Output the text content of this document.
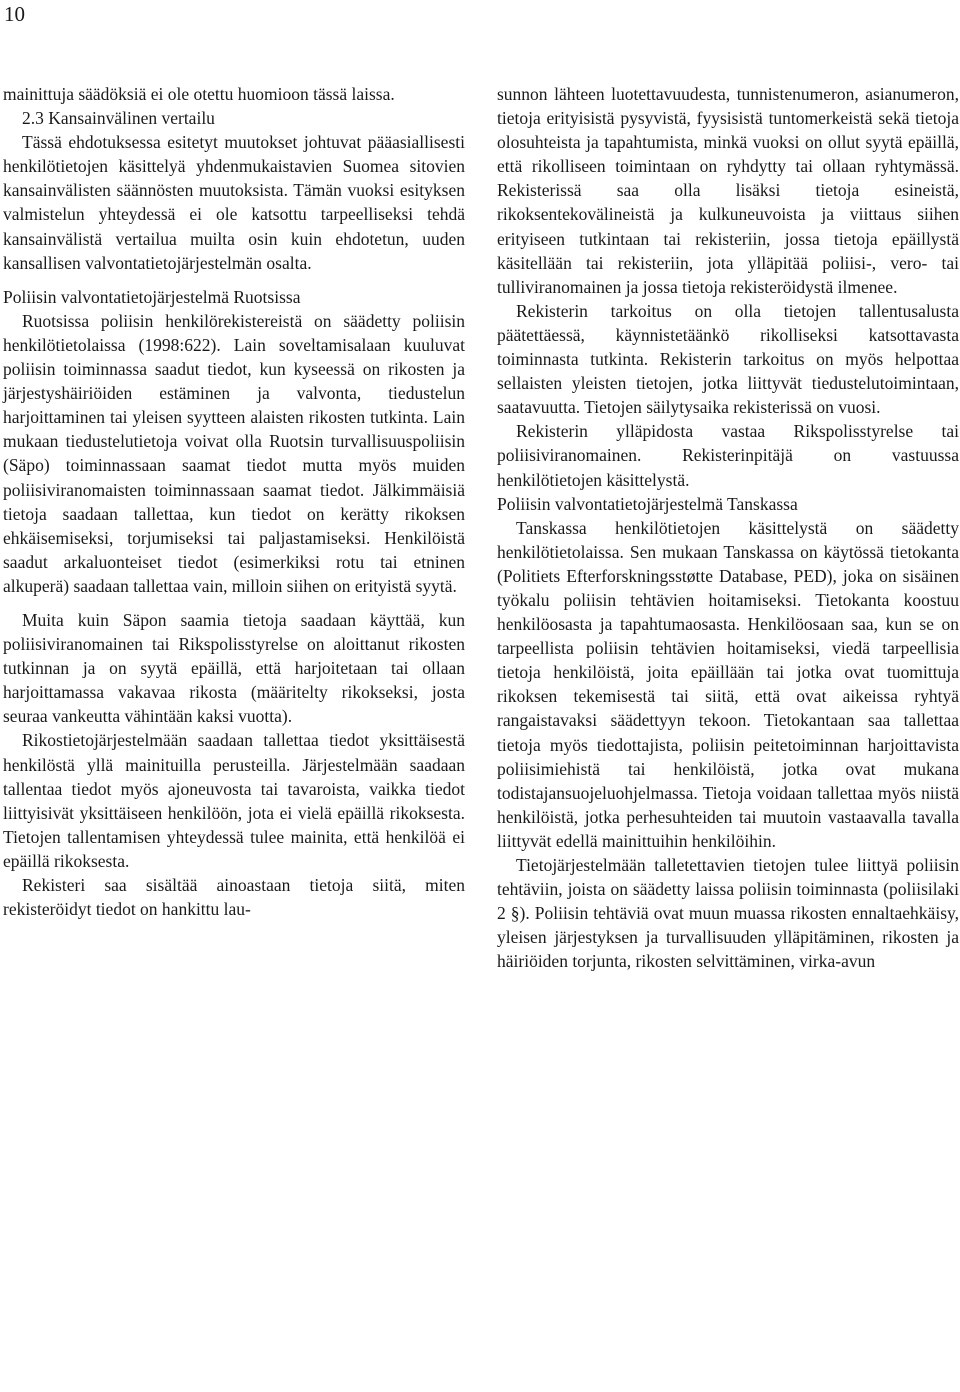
10

mainittuja säädöksiä ei ole otettu huomioon tässä laissa.

2.3 Kansainvälinen vertailu

Tässä ehdotuksessa esitetyt muutokset johtuvat pääasiallisesti henkilötietojen käsittelyä yhdenmukaistavien Suomea sitovien kansainvälisten säännösten muutoksista. Tämän vuoksi esityksen valmistelun yhteydessä ei ole katsottu tarpeelliseksi tehdä kansainvälistä vertailua muilta osin kuin ehdotetun, uuden kansallisen valvontatietojärjestelmän osalta.

Poliisin valvontatietojärjestelmä Ruotsissa

Ruotsissa poliisin henkilörekistereistä on säädetty poliisin henkilötietolaissa (1998:622). Lain soveltamisalaan kuuluvat poliisin toiminnassa saadut tiedot, kun kyseessä on rikosten ja järjestyshäiriöiden estäminen ja valvonta, tiedustelun harjoittaminen tai yleisen syytteen alaisten rikosten tutkinta. Lain mukaan tiedustelutietoja voivat olla Ruotsin turvallisuuspoliisin (Säpo) toiminnassaan saamat tiedot mutta myös muiden poliisiviranomaisten toiminnassaan saamat tiedot. Jälkimmäisiä tietoja saadaan tallettaa, kun tiedot on kerätty rikoksen ehkäisemiseksi, torjumiseksi tai paljastamiseksi. Henkilöistä saadut arkaluonteiset tiedot (esimerkiksi rotu tai etninen alkuperä) saadaan tallettaa vain, milloin siihen on erityistä syytä.

Muita kuin Säpon saamia tietoja saadaan käyttää, kun poliisiviranomainen tai Rikspolisstyrelse on aloittanut rikosten tutkinnan ja on syytä epäillä, että harjoitetaan tai ollaan harjoittamassa vakavaa rikosta (määritelty rikokseksi, josta seuraa vankeutta vähintään kaksi vuotta).

Rikostietojärjestelmään saadaan tallettaa tiedot yksittäisestä henkilöstä yllä mainituilla perusteilla. Järjestelmään saadaan tallentaa tiedot myös ajoneuvosta tai tavaroista, vaikka tiedot liittyisivät yksittäiseen henkilöön, jota ei vielä epäillä rikoksesta. Tietojen tallentamisen yhteydessä tulee mainita, että henkilöä ei epäillä rikoksesta.

Rekisteri saa sisältää ainoastaan tietoja siitä, miten rekisteröidyt tiedot on hankittu lau-

sunnon lähteen luotettavuudesta, tunnistenumeron, asianumeron, tietoja erityisistä pysyvistä, fyysisistä tuntomerkeistä sekä tietoja olosuhteista ja tapahtumista, minkä vuoksi on ollut syytä epäillä, että rikolliseen toimintaan on ryhdytty tai ollaan ryhtymässä. Rekisterissä saa olla lisäksi tietoja esineistä, rikoksentekovälineistä ja kulkuneuvoista ja viittaus siihen erityiseen tutkintaan tai rekisteriin, jossa tietoja epäillystä käsitellään tai rekisteriin, jota ylläpitää poliisi-, vero- tai tulliviranomainen ja jossa tietoja rekisteröidystä ilmenee.

Rekisterin tarkoitus on olla tietojen tallentusalusta päätettäessä, käynnistetäänkö rikolliseksi katsottavasta toiminnasta tutkinta. Rekisterin tarkoitus on myös helpottaa sellaisten yleisten tietojen, jotka liittyvät tiedustelutoimintaan, saatavuutta. Tietojen säilytysaika rekisterissä on vuosi.

Rekisterin ylläpidosta vastaa Rikspolisstyrelse tai poliisiviranomainen. Rekisterinpitäjä on vastuussa henkilötietojen käsittelystä.

Poliisin valvontatietojärjestelmä Tanskassa

Tanskassa henkilötietojen käsittelystä on säädetty henkilötietolaissa. Sen mukaan Tanskassa on käytössä tietokanta (Politiets Efterforskningsstøtte Database, PED), joka on sisäinen työkalu poliisin tehtävien hoitamiseksi. Tietokanta koostuu henkilöosasta ja tapahtumaosasta. Henkilöosaan saa, kun se on tarpeellista poliisin tehtävien hoitamiseksi, viedä tarpeellisia tietoja henkilöistä, joita epäillään tai jotka ovat tuomittuja rikoksen tekemisestä tai siitä, että ovat aikeissa ryhtyä rangaistavaksi säädettyyn tekoon. Tietokantaan saa tallettaa tietoja myös tiedottajista, poliisin peitetoiminnan harjoittavista poliisimiehistä tai henkilöistä, jotka ovat mukana todistajansuojeluohjelmassa. Tietoja voidaan tallettaa myös niistä henkilöistä, jotka perhesuhteiden tai muutoin vastaavalla tavalla liittyvät edellä mainittuihin henkilöihin.

Tietojärjestelmään talletettavien tietojen tulee liittyä poliisin tehtäviin, joista on säädetty laissa poliisin toiminnasta (poliisilaki 2 §). Poliisin tehtäviä ovat muun muassa rikosten ennaltaehkäisy, yleisen järjestyksen ja turvallisuuden ylläpitäminen, rikosten ja häiriöiden torjunta, rikosten selvittäminen, virka-avun
